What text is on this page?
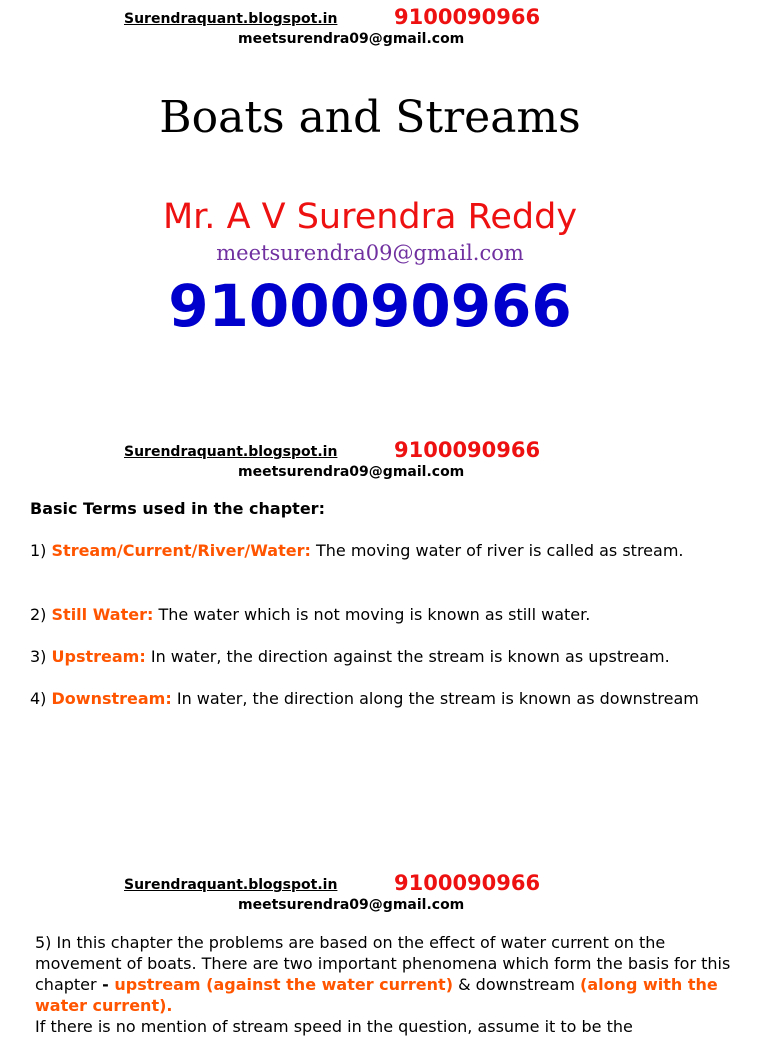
Surendraquant.blogspot.in	9100090966
meetsurendra09@gmail.com
Boats and Streams
Mr. A V Surendra Reddy
meetsurendra09@gmail.com
9100090966
Surendraquant.blogspot.in	9100090966
meetsurendra09@gmail.com
Basic Terms used in the chapter:
1) Stream/Current/River/Water: The moving water of river is called as stream.
2) Still Water: The water which is not moving is known as still water.
3) Upstream: In water, the direction against the stream is known as upstream.
4) Downstream: In water, the direction along the stream is known as downstream
Surendraquant.blogspot.in	9100090966
meetsurendra09@gmail.com
5) In this chapter the problems are based on the effect of water current on the movement of boats. There are two important phenomena which form the basis for this chapter - upstream (against the water current) & downstream (along with the water current).
If there is no mention of stream speed in the question, assume it to be the
